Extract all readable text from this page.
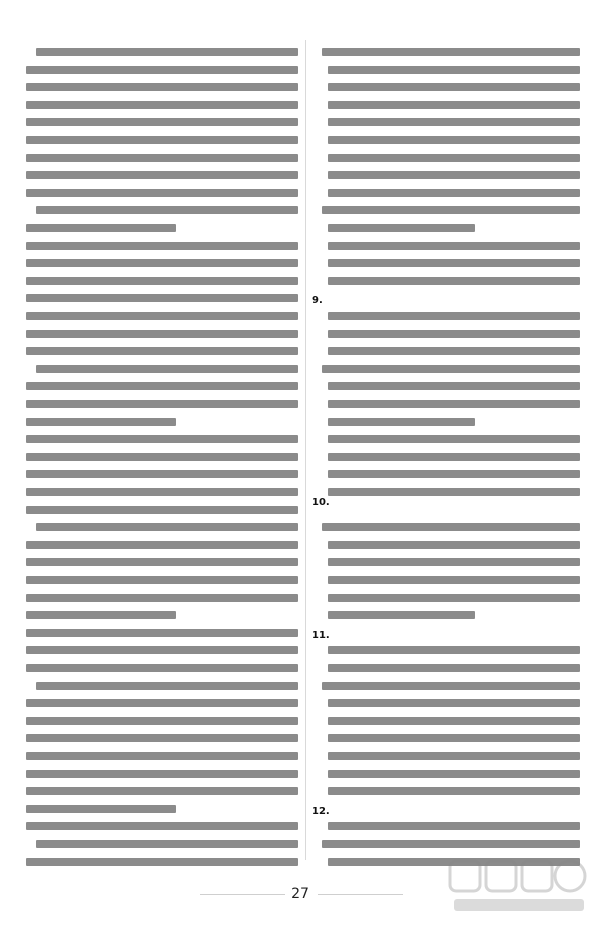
9.
10.
11.
12.
27
